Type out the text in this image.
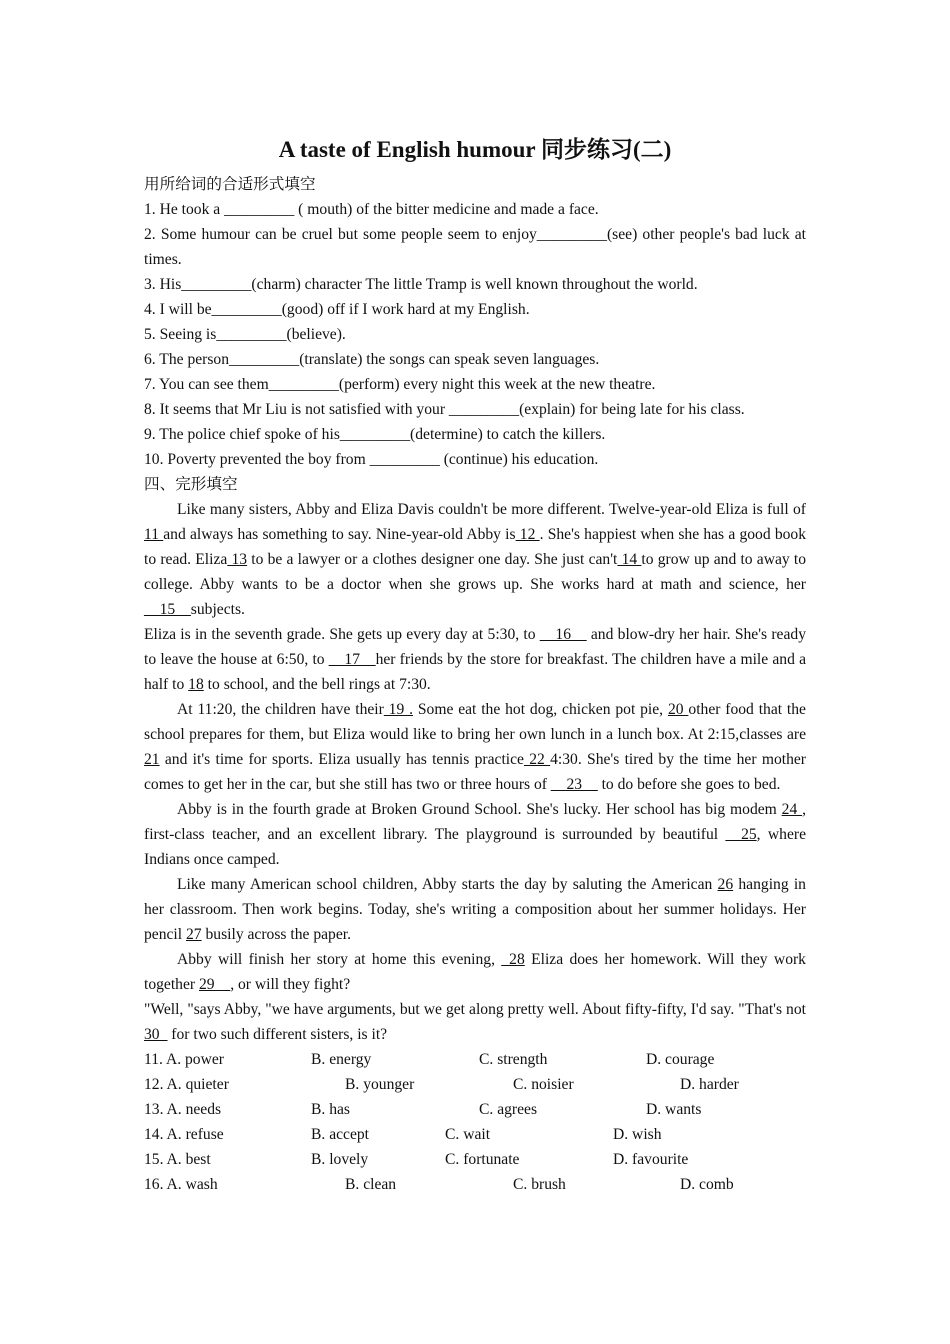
A taste of English humour 同步练习(二)
用所给词的合适形式填空
1. He took a _________ ( mouth) of the bitter medicine and made a face.
2. Some humour can be cruel but some people seem to enjoy_________(see) other people's bad luck at times.
3. His_________(charm) character The little Tramp is well known throughout the world.
4. I will be_________(good) off if I work hard at my English.
5. Seeing is_________(believe).
6. The person_________(translate) the songs can speak seven languages.
7. You can see them_________(perform) every night this week at the new theatre.
8. It seems that Mr Liu is not satisfied with your _________(explain) for being late for his class.
9. The police chief spoke of his_________(determine) to catch the killers.
10. Poverty prevented the boy from _________ (continue) his education.
四、完形填空
Like many sisters, Abby and Eliza Davis couldn't be more different. Twelve-year-old Eliza is full of 11 and always has something to say. Nine-year-old Abby is 12 . She's happiest when she has a good book to read. Eliza 13 to be a lawyer or a clothes designer one day. She just can't 14 to grow up and to away to college. Abby wants to be a doctor when she grows up. She works hard at math and science, her __15__subjects.
Eliza is in the seventh grade. She gets up every day at 5:30, to __16__ and blow-dry her hair. She's ready to leave the house at 6:50, to __17__her friends by the store for breakfast. The children have a mile and a half to 18 to school, and the bell rings at 7:30.
At 11:20, the children have their 19 . Some eat the hot dog, chicken pot pie, 20 other food that the school prepares for them, but Eliza would like to bring her own lunch in a lunch box. At 2:15,classes are 21 and it's time for sports. Eliza usually has tennis practice 22 4:30. She's tired by the time her mother comes to get her in the car, but she still has two or three hours of __23__ to do before she goes to bed.
Abby is in the fourth grade at Broken Ground School. She's lucky. Her school has big modem 24 , first-class teacher, and an excellent library. The playground is surrounded by beautiful __25, where Indians once camped.
Like many American school children, Abby starts the day by saluting the American 26 hanging in her classroom. Then work begins. Today, she's writing a composition about her summer holidays. Her pencil 27 busily across the paper.
Abby will finish her story at home this evening, _28 Eliza does her homework. Will they work together 29__, or will they fight?
"Well, "says Abby, "we have arguments, but we get along pretty well. About fifty-fifty, I'd say. "That's not 30_ for two such different sisters, is it?
11. A. power	B. energy	C. strength	D. courage
12. A. quieter	B. younger	C. noisier	D. harder
13. A. needs	B. has	C. agrees	D. wants
14. A. refuse	B. accept	C. wait	D. wish
15. A. best	B. lovely	C. fortunate	D. favourite
16. A. wash	B. clean	C. brush	D. comb
